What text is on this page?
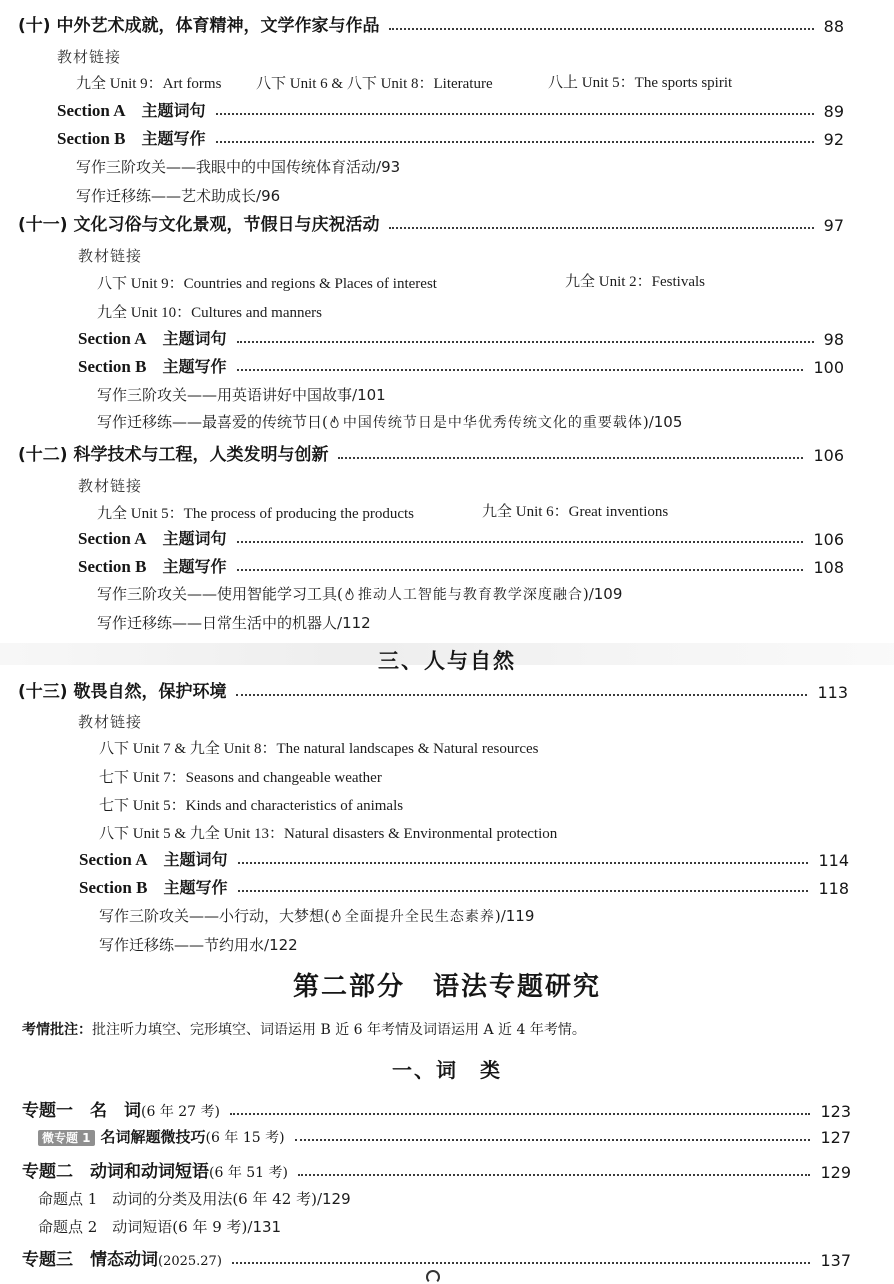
(十) 中外艺术成就，体育精神，文学作家与作品	88
教材链接
九全 Unit 9：Art forms 八下 Unit 6 & 八下 Unit 8：Literature	八上 Unit 5：The sports spirit
Section A　 主题词句	89
Section B　 主题写作	92
写作三阶攻关——我眼中的中国传统体育活动/93
写作迁移练——艺术助成长/96
(十一) 文化习俗与文化景观，节假日与庆祝活动	97
教材链接
八下 Unit 9：Countries and regions & Places of interest	九全 Unit 2：Festivals
九全 Unit 10：Cultures and manners
Section A　 主题词句	98
Section B　 主题写作	100
写作三阶攻关——用英语讲好中国故事/101
写作迁移练——最喜爱的传统节日( 中国传统节日是中华优秀传统文化的重要载体)/105
(十二) 科学技术与工程，人类发明与创新	106
教材链接
九全 Unit 5：The process of producing the products	九全 Unit 6：Great inventions
Section A　 主题词句	106
Section B　 主题写作	108
写作三阶攻关——使用智能学习工具( 推动人工智能与教育教学深度融合)/109
写作迁移练——日常生活中的机器人/112
三、人与自然
(十三) 敬畏自然，保护环境	113
教材链接
八下 Unit 7 & 九全 Unit 8：The natural landscapes & Natural resources
七下 Unit 7：Seasons and changeable weather
七下 Unit 5：Kinds and characteristics of animals
八下 Unit 5 & 九全 Unit 13：Natural disasters & Environmental protection
Section A　 主题词句	114
Section B　 主题写作	118
写作三阶攻关——小行动，大梦想( 全面提升全民生态素养)/119
写作迁移练——节约用水/122
第二部分　语法专题研究
考情批注：批注听力填空、完形填空、词语运用 B 近 6 年考情及词语运用 A 近 4 年考情。
一、词　类
专题一　名　词(6 年 27 考)	123
微专题 1 名词解题微技巧(6 年 15 考)	127
专题二　动词和动词短语(6 年 51 考)	129
命题点 1　动词的分类及用法(6 年 42 考)/129
命题点 2　动词短语(6 年 9 考)/131
专题三　情态动词(2025.27)	137
